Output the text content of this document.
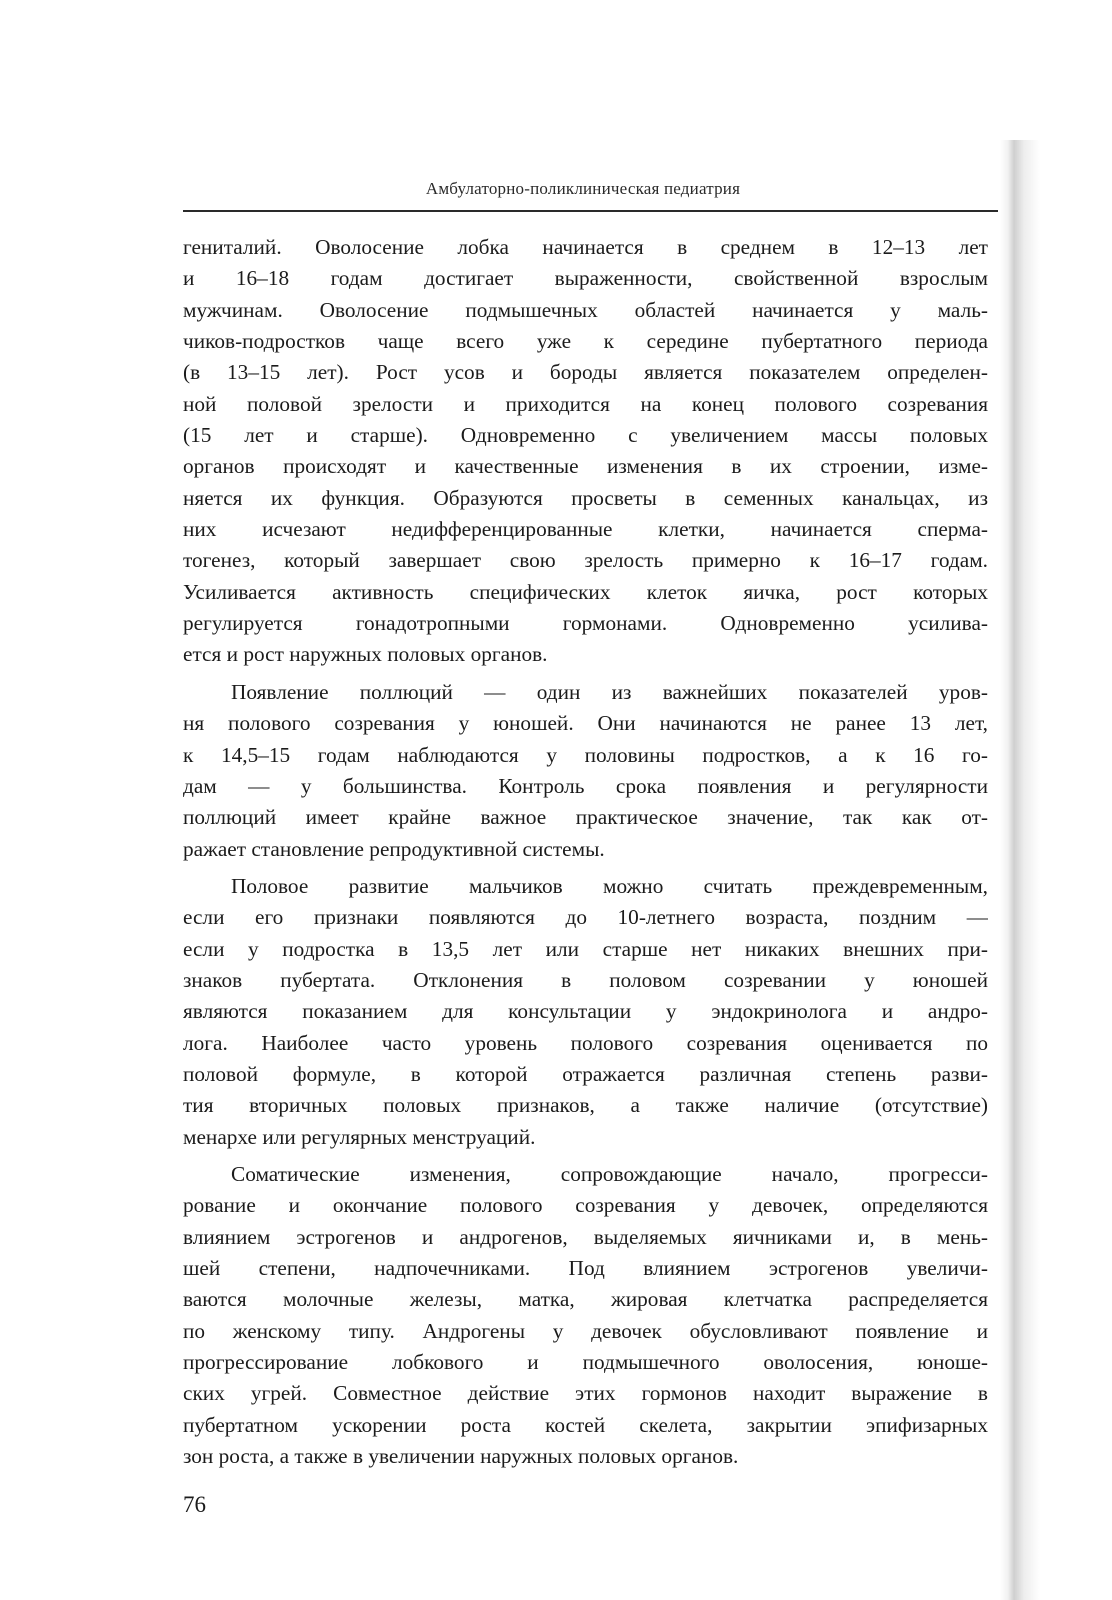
Амбулаторно-поликлиническая педиатрия
гениталий. Оволосение лобка начинается в среднем в 12–13 лет
и 16–18 годам достигает выраженности, свойственной взрослым
мужчинам. Оволосение подмышечных областей начинается у маль-
чиков-подростков чаще всего уже к середине пубертатного периода
(в 13–15 лет). Рост усов и бороды является показателем определен-
ной половой зрелости и приходится на конец полового созревания
(15 лет и старше). Одновременно с увеличением массы половых
органов происходят и качественные изменения в их строении, изме-
няется их функция. Образуются просветы в семенных канальцах, из
них исчезают недифференцированные клетки, начинается сперма-
тогенез, который завершает свою зрелость примерно к 16–17 годам.
Усиливается активность специфических клеток яичка, рост которых
регулируется гонадотропными гормонами. Одновременно усилива-
ется и рост наружных половых органов.
Появление поллюций — один из важнейших показателей уров-
ня полового созревания у юношей. Они начинаются не ранее 13 лет,
к 14,5–15 годам наблюдаются у половины подростков, а к 16 го-
дам — у большинства. Контроль срока появления и регулярности
поллюций имеет крайне важное практическое значение, так как от-
ражает становление репродуктивной системы.
Половое развитие мальчиков можно считать преждевременным,
если его признаки появляются до 10-летнего возраста, поздним —
если у подростка в 13,5 лет или старше нет никаких внешних при-
знаков пубертата. Отклонения в половом созревании у юношей
являются показанием для консультации у эндокринолога и андро-
лога. Наиболее часто уровень полового созревания оценивается по
половой формуле, в которой отражается различная степень разви-
тия вторичных половых признаков, а также наличие (отсутствие)
менархе или регулярных менструаций.
Соматические изменения, сопровождающие начало, прогресси-
рование и окончание полового созревания у девочек, определяются
влиянием эстрогенов и андрогенов, выделяемых яичниками и, в мень-
шей степени, надпочечниками. Под влиянием эстрогенов увеличи-
ваются молочные железы, матка, жировая клетчатка распределяется
по женскому типу. Андрогены у девочек обусловливают появление и
прогрессирование лобкового и подмышечного оволосения, юноше-
ских угрей. Совместное действие этих гормонов находит выражение в
пубертатном ускорении роста костей скелета, закрытии эпифизарных
зон роста, а также в увеличении наружных половых органов.
76
